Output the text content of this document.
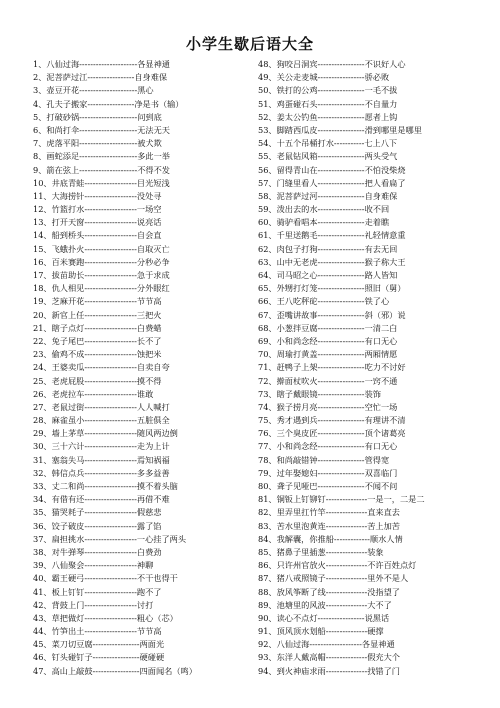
小学生歇后语大全
1、八仙过海---------------------各显神通
2、泥菩萨过江-----------------自身难保
3、壶豆开花---------------------黑心
4、孔夫子搬家-----------------净是书（输）
5、打破砂锅---------------------问到底
6、和尚打伞---------------------无法无天
7、虎落平阳---------------------被犬欺
8、画蛇添足---------------------多此一举
9、箭在弦上---------------------不得不发
10、井底青蛙-------------------目光短浅
11、大海捞针-------------------没处寻
12、竹篮打水-------------------一场空
13、打开天窗-------------------说亮话
14、船到桥头-------------------自会直
15、飞蛾扑火-------------------自取灭亡
16、百米赛跑-------------------分秒必争
17、拔苗助长-------------------急于求成
18、仇人相见-------------------分外眼红
19、芝麻开花-------------------节节高
20、新官上任-------------------三把火
21、瞎子点灯-------------------白费蜡
22、兔子尾巴-------------------长不了
23、偷鸡不成-------------------蚀把米
24、王婆卖瓜-------------------自卖自夸
25、老虎屁股-------------------摸不得
26、老虎拉车-------------------谁敢
27、老鼠过街-------------------人人喊打
28、麻雀虽小-------------------五脏俱全
29、墙上茅草-------------------随风两边倒
30、三十六计-------------------走为上计
31、塞翁失马-------------------焉知祸福
32、韩信点兵-------------------多多益善
33、丈二和尚-------------------摸不着头脑
34、有借有还-------------------再借不难
35、猫哭耗子-------------------假慈悲
36、饺子破皮-------------------露了馅
37、扁担挑水-------------------一心挂了两头
38、对牛弹琴-------------------白费劲
39、八仙聚会-------------------神聊
40、霸王硬弓-------------------不干也得干
41、板上钉钉-------------------跑不了
42、背鼓上门-------------------讨打
43、草把做灯-------------------粗心（芯）
44、竹笋出土-------------------节节高
45、菜刀切豆腐-----------------两面光
46、钉头碰钉子-----------------硬碰硬
47、高山上敲鼓-----------------四面闻名（鸣）
48、狗咬吕洞宾-----------------不识好人心
49、关公走麦城-----------------骄必败
50、铁打的公鸡-----------------一毛不拔
51、鸡蛋碰石头-----------------不自量力
52、姜太公钓鱼-----------------愿者上钩
53、脚踏西瓜皮-----------------滑到哪里是哪里
54、十五个吊桶打水-----------七上八下
55、老鼠钻风箱-----------------两头受气
56、留得青山在-----------------不怕没柴烧
57、门缝里看人-----------------把人看扁了
58、泥菩萨过河-----------------自身难保
59、泼出去的水-----------------收不回
60、骑驴看唱本-----------------走着瞧
61、千里送鹅毛-----------------礼轻情意重
62、肉包子打狗-----------------有去无回
63、山中无老虎-----------------猴子称大王
64、司马昭之心-----------------路人皆知
65、外甥打灯笼-----------------照旧（舅）
66、王八吃秤砣-----------------铁了心
67、歪嘴讲故事-----------------斜（邪）说
68、小葱拌豆腐-----------------一清二白
69、小和尚念经-----------------有口无心
70、周瑜打黄盖-----------------两厢情愿
71、赶鸭子上架-----------------吃力不讨好
72、擀面杖吹火-----------------一窍不通
73、瞎子戴眼镜-----------------装饰
74、猴子捞月亮-----------------空忙一场
75、秀才遇到兵-----------------有理讲不清
76、三个臭皮匠-----------------顶个诸葛亮
77、小和尚念经-----------------有口无心
78、和尚敲错钟-----------------管得宽
79、过年娶媳妇-----------------双喜临门
80、聋子见哑巴-----------------不闻不问
81、铜钣上钉铆钉---------------一是一，二是二
82、里弄里扛竹竿---------------直来直去
83、苦水里泡黄连---------------苦上加苦
84、我解囊，你推船-------------顺水人情
85、猪鼻子里插葱---------------装象
86、只许州官放火---------------不许百姓点灯
87、猪八戒照镜子---------------里外不是人
88、放风筝断了线---------------没指望了
89、池塘里的风波---------------大不了
90、读心不点灯-----------------说黑话
91、顶风顶水划船---------------硬撑
92、八仙过海-------------------各显神通
93、东洋人戴高帽---------------假充大个
94、到火神庙求雨---------------找错了门
